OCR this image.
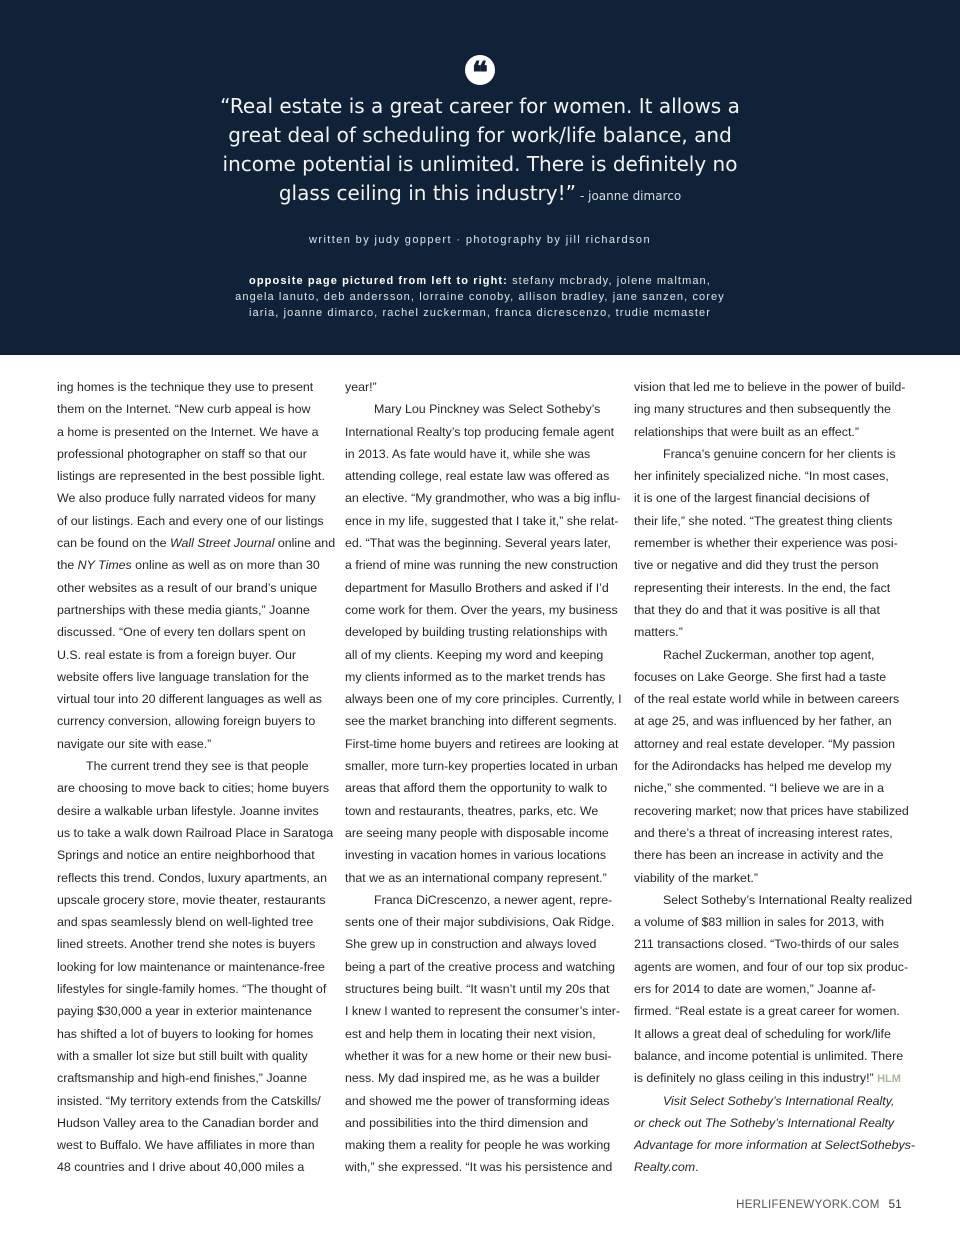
❝

“Real estate is a great career for women. It allows a
great deal of scheduling for work/life balance, and
income potential is unlimited. There is definitely no
glass ceiling in this industry!” - joanne dimarco

written by judy goppert · photography by jill richardson
opposite page pictured from left to right: stefany mcbrady, jolene maltman,
angela lanuto, deb andersson, lorraine conoby, allison bradley, jane sanzen, corey
iaria, joanne dimarco, rachel zuckerman, franca dicrescenzo, trudie mcmaster
ing homes is the technique they use to present
them on the Internet. “New curb appeal is how
a home is presented on the Internet. We have a
professional photographer on staff so that our
listings are represented in the best possible light.
We also produce fully narrated videos for many
of our listings. Each and every one of our listings
can be found on the Wall Street Journal online and
the NY Times online as well as on more than 30
other websites as a result of our brand’s unique
partnerships with these media giants,” Joanne
discussed. “One of every ten dollars spent on
U.S. real estate is from a foreign buyer. Our
website offers live language translation for the
virtual tour into 20 different languages as well as
currency conversion, allowing foreign buyers to
navigate our site with ease.”
The current trend they see is that people
are choosing to move back to cities; home buyers
desire a walkable urban lifestyle. Joanne invites
us to take a walk down Railroad Place in Saratoga
Springs and notice an entire neighborhood that
reflects this trend. Condos, luxury apartments, an
upscale grocery store, movie theater, restaurants
and spas seamlessly blend on well-lighted tree
lined streets. Another trend she notes is buyers
looking for low maintenance or maintenance-free
lifestyles for single-family homes. “The thought of
paying $30,000 a year in exterior maintenance
has shifted a lot of buyers to looking for homes
with a smaller lot size but still built with quality
craftsmanship and high-end finishes,” Joanne
insisted. “My territory extends from the Catskills/
Hudson Valley area to the Canadian border and
west to Buffalo. We have affiliates in more than
48 countries and I drive about 40,000 miles a
year!”
Mary Lou Pinckney was Select Sotheby’s
International Realty’s top producing female agent
in 2013. As fate would have it, while she was
attending college, real estate law was offered as
an elective. “My grandmother, who was a big influ-
ence in my life, suggested that I take it,” she relat-
ed. “That was the beginning. Several years later,
a friend of mine was running the new construction
department for Masullo Brothers and asked if I’d
come work for them. Over the years, my business
developed by building trusting relationships with
all of my clients. Keeping my word and keeping
my clients informed as to the market trends has
always been one of my core principles. Currently, I
see the market branching into different segments.
First-time home buyers and retirees are looking at
smaller, more turn-key properties located in urban
areas that afford them the opportunity to walk to
town and restaurants, theatres, parks, etc. We
are seeing many people with disposable income
investing in vacation homes in various locations
that we as an international company represent.”
Franca DiCrescenzo, a newer agent, repre-
sents one of their major subdivisions, Oak Ridge.
She grew up in construction and always loved
being a part of the creative process and watching
structures being built. “It wasn’t until my 20s that
I knew I wanted to represent the consumer’s inter-
est and help them in locating their next vision,
whether it was for a new home or their new busi-
ness. My dad inspired me, as he was a builder
and showed me the power of transforming ideas
and possibilities into the third dimension and
making them a reality for people he was working
with,” she expressed. “It was his persistence and
vision that led me to believe in the power of build-
ing many structures and then subsequently the
relationships that were built as an effect.”
Franca’s genuine concern for her clients is
her infinitely specialized niche. “In most cases,
it is one of the largest financial decisions of
their life,” she noted. “The greatest thing clients
remember is whether their experience was posi-
tive or negative and did they trust the person
representing their interests. In the end, the fact
that they do and that it was positive is all that
matters.”
Rachel Zuckerman, another top agent,
focuses on Lake George. She first had a taste
of the real estate world while in between careers
at age 25, and was influenced by her father, an
attorney and real estate developer. “My passion
for the Adirondacks has helped me develop my
niche,” she commented. “I believe we are in a
recovering market; now that prices have stabilized
and there’s a threat of increasing interest rates,
there has been an increase in activity and the
viability of the market.”
Select Sotheby’s International Realty realized
a volume of $83 million in sales for 2013, with
211 transactions closed. “Two-thirds of our sales
agents are women, and four of our top six produc-
ers for 2014 to date are women,” Joanne af-
firmed. “Real estate is a great career for women.
It allows a great deal of scheduling for work/life
balance, and income potential is unlimited. There
is definitely no glass ceiling in this industry!” HLM
Visit Select Sotheby’s International Realty,
or check out The Sotheby’s International Realty
Advantage for more information at SelectSothebys-
Realty.com.
HERLIFENEWYORK.COM 51
